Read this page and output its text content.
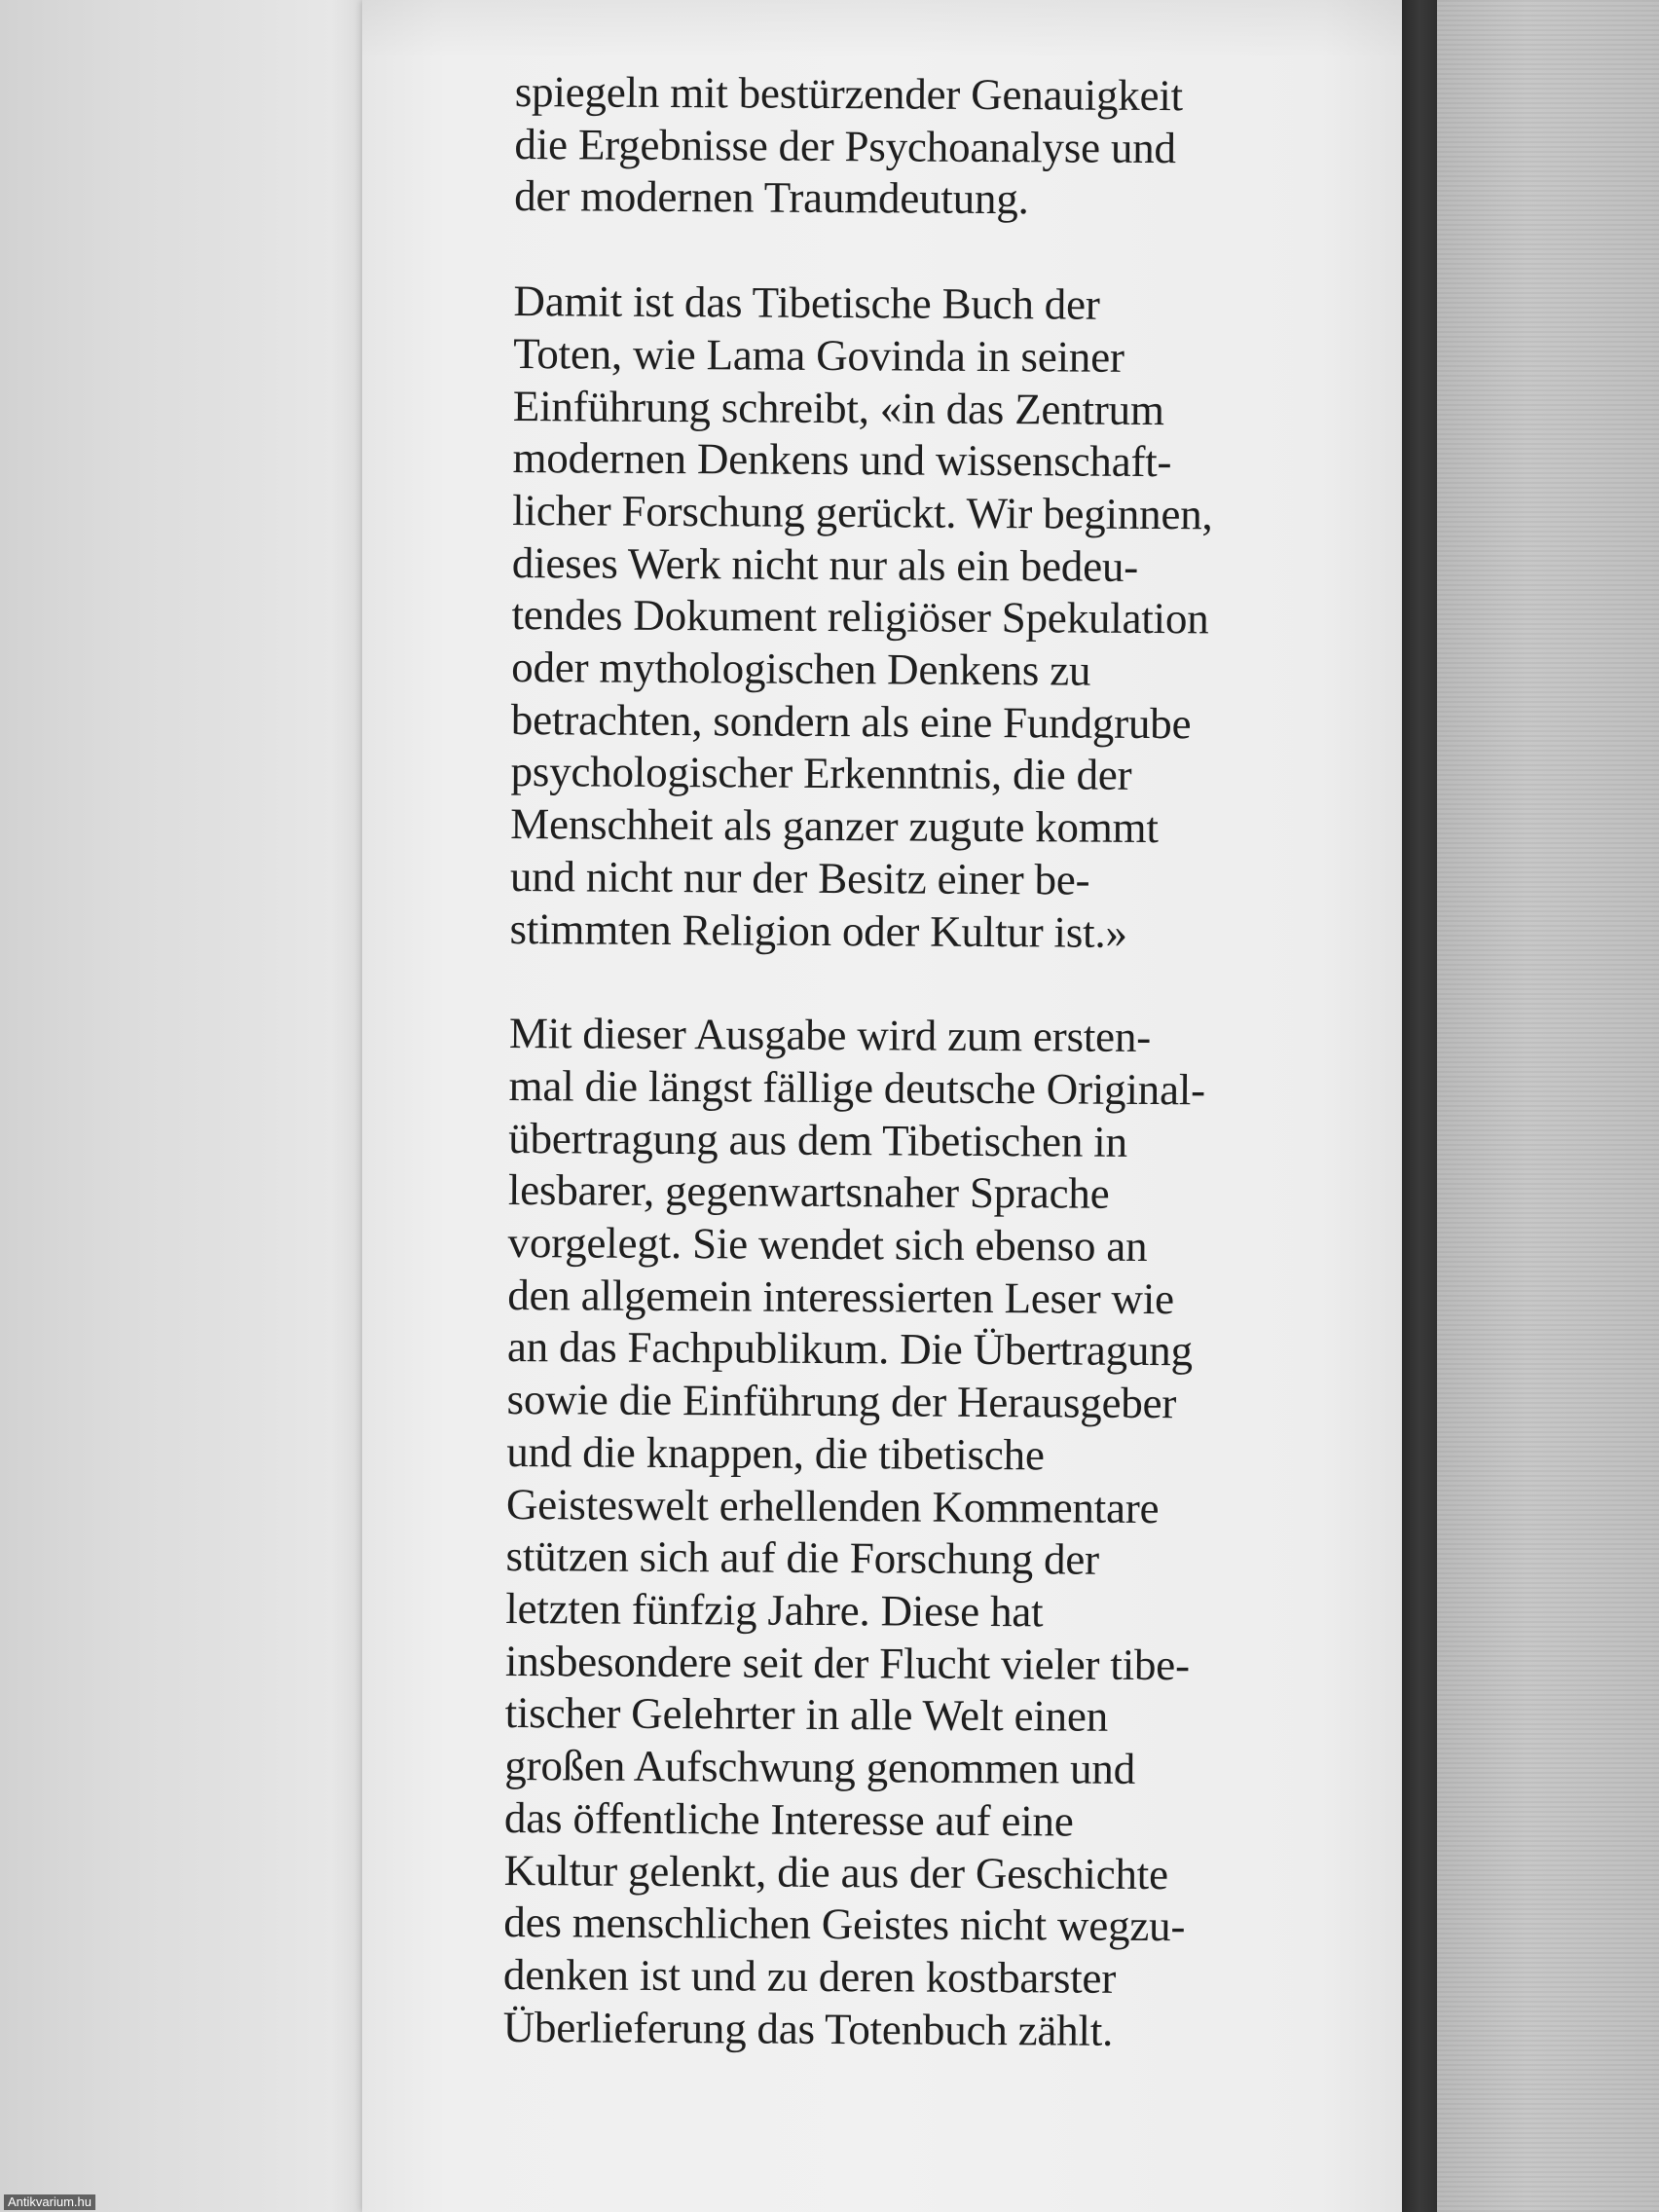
spiegeln mit bestürzender Genauigkeit
die Ergebnisse der Psychoanalyse und
der modernen Traumdeutung.

Damit ist das Tibetische Buch der
Toten, wie Lama Govinda in seiner
Einführung schreibt, «in das Zentrum
modernen Denkens und wissenschaft-
licher Forschung gerückt. Wir beginnen,
dieses Werk nicht nur als ein bedeu-
tendes Dokument religiöser Spekulation
oder mythologischen Denkens zu
betrachten, sondern als eine Fundgrube
psychologischer Erkenntnis, die der
Menschheit als ganzer zugute kommt
und nicht nur der Besitz einer be-
stimmten Religion oder Kultur ist.»

Mit dieser Ausgabe wird zum ersten-
mal die längst fällige deutsche Original-
übertragung aus dem Tibetischen in
lesbarer, gegenwartsnaher Sprache
vorgelegt. Sie wendet sich ebenso an
den allgemein interessierten Leser wie
an das Fachpublikum. Die Übertragung
sowie die Einführung der Herausgeber
und die knappen, die tibetische
Geisteswelt erhellenden Kommentare
stützen sich auf die Forschung der
letzten fünfzig Jahre. Diese hat
insbesondere seit der Flucht vieler tibe-
tischer Gelehrter in alle Welt einen
großen Aufschwung genommen und
das öffentliche Interesse auf eine
Kultur gelenkt, die aus der Geschichte
des menschlichen Geistes nicht wegzu-
denken ist und zu deren kostbarster
Überlieferung das Totenbuch zählt.

Antikvarium.hu
